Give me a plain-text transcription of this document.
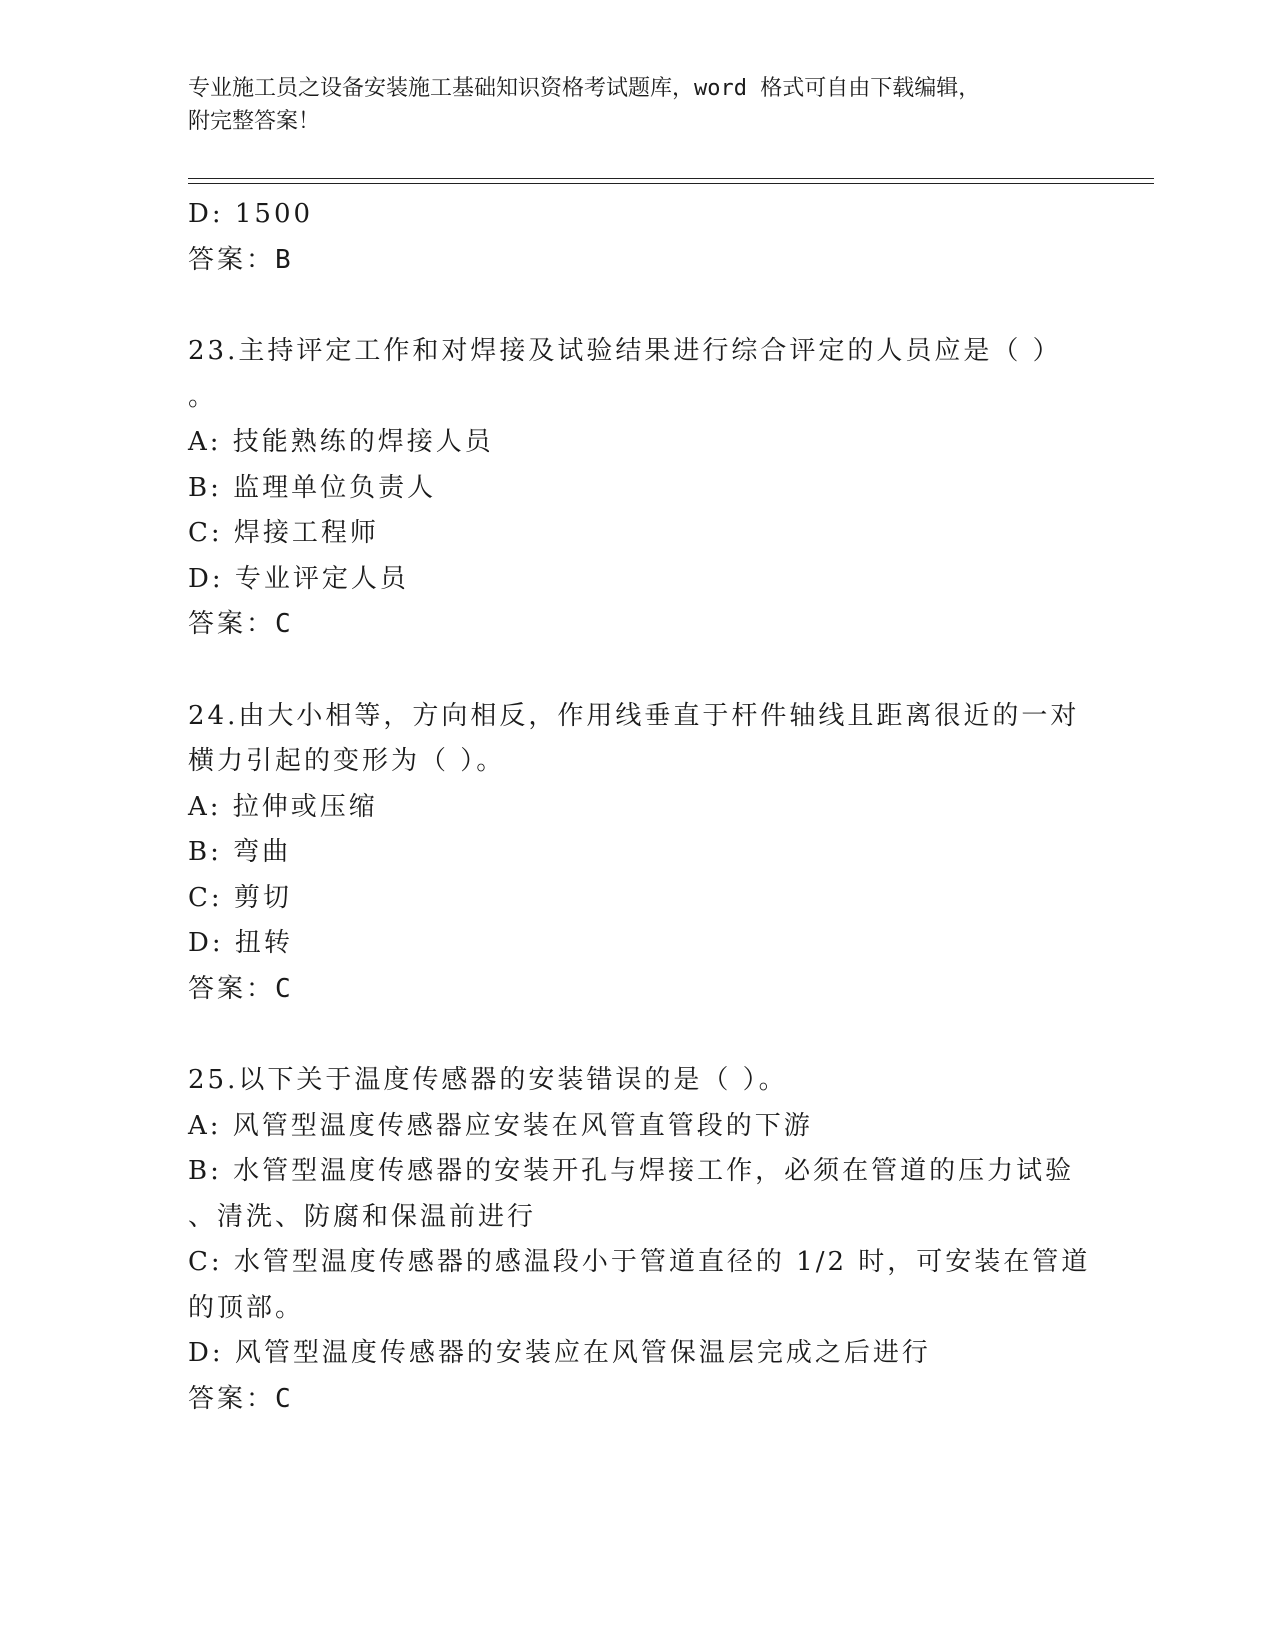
专业施工员之设备安装施工基础知识资格考试题库，word 格式可自由下载编辑，
附完整答案！
D: 1500
答案：B
23.主持评定工作和对焊接及试验结果进行综合评定的人员应是（ ）
。
A: 技能熟练的焊接人员
B: 监理单位负责人
C: 焊接工程师
D: 专业评定人员
答案：C
24.由大小相等，方向相反，作用线垂直于杆件轴线且距离很近的一对
横力引起的变形为（ ）。
A: 拉伸或压缩
B: 弯曲
C: 剪切
D: 扭转
答案：C
25.以下关于温度传感器的安装错误的是（ ）。
A: 风管型温度传感器应安装在风管直管段的下游
B: 水管型温度传感器的安装开孔与焊接工作，必须在管道的压力试验
、清洗、防腐和保温前进行
C: 水管型温度传感器的感温段小于管道直径的 1/2 时，可安装在管道
的顶部。
D: 风管型温度传感器的安装应在风管保温层完成之后进行
答案：C
